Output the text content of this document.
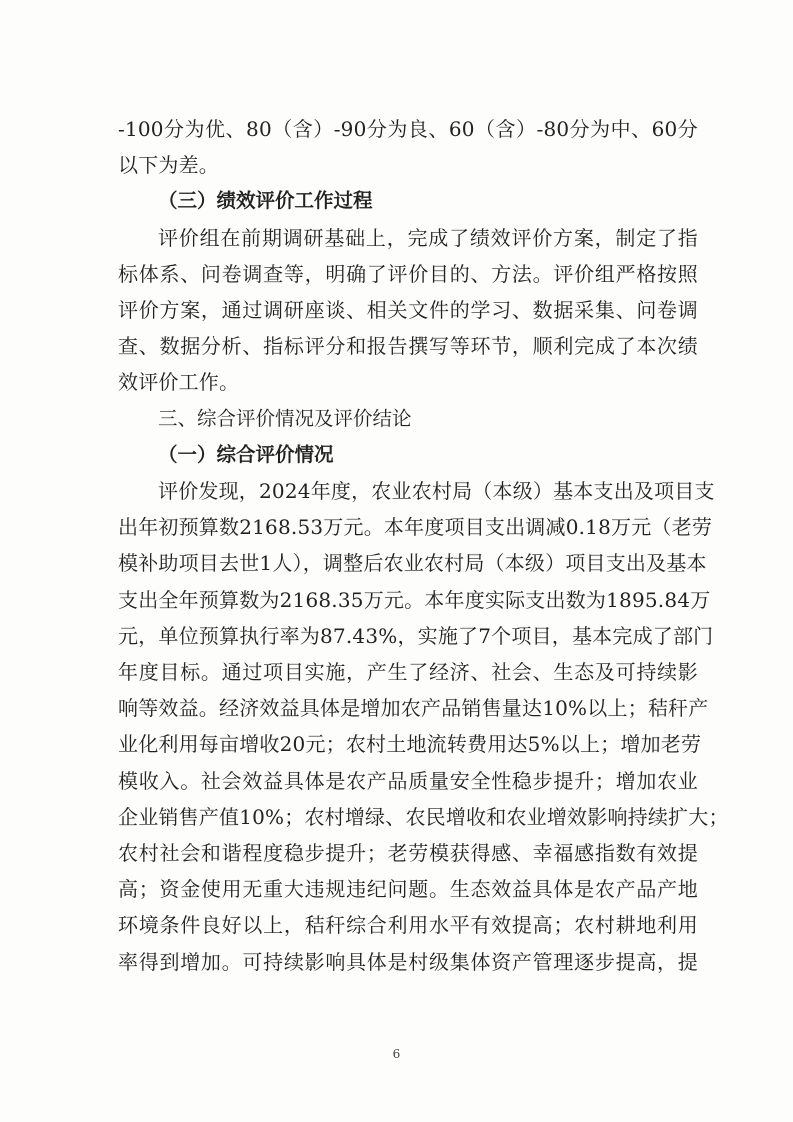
-100分为优、80（含）-90分为良、60（含）-80分为中、60分
以下为差。
（三）绩效评价工作过程
评价组在前期调研基础上，完成了绩效评价方案，制定了指
标体系、问卷调查等，明确了评价目的、方法。评价组严格按照
评价方案，通过调研座谈、相关文件的学习、数据采集、问卷调
查、数据分析、指标评分和报告撰写等环节，顺利完成了本次绩
效评价工作。
三、综合评价情况及评价结论
（一）综合评价情况
评价发现，2024年度，农业农村局（本级）基本支出及项目支
出年初预算数2168.53万元。本年度项目支出调减0.18万元（老劳
模补助项目去世1人），调整后农业农村局（本级）项目支出及基本
支出全年预算数为2168.35万元。本年度实际支出数为1895.84万
元，单位预算执行率为87.43%，实施了7个项目，基本完成了部门
年度目标。通过项目实施，产生了经济、社会、生态及可持续影
响等效益。经济效益具体是增加农产品销售量达10%以上；秸秆产
业化利用每亩增收20元；农村土地流转费用达5%以上；增加老劳
模收入。社会效益具体是农产品质量安全性稳步提升；增加农业
企业销售产值10%；农村增绿、农民增收和农业增效影响持续扩大；
农村社会和谐程度稳步提升；老劳模获得感、幸福感指数有效提
高；资金使用无重大违规违纪问题。生态效益具体是农产品产地
环境条件良好以上，秸秆综合利用水平有效提高；农村耕地利用
率得到增加。可持续影响具体是村级集体资产管理逐步提高，提
6
